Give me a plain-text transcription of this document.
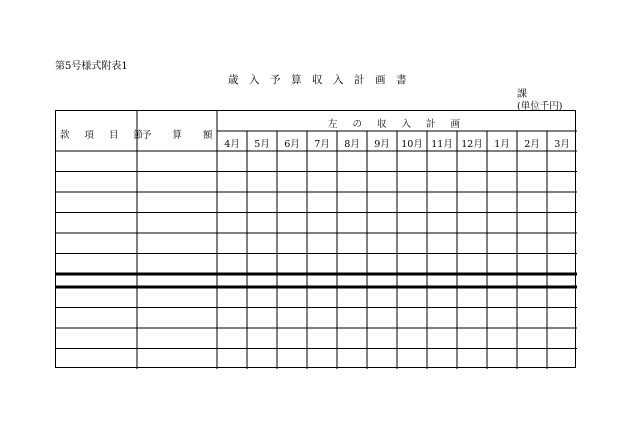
第5号様式附表1
歳入予算収入計画書
課
(単位千円)
款項目節
予算額
左の収入計画
4月	5月	6月	7月	8月	9月	10月 11月 12月	1月	2月	3月
